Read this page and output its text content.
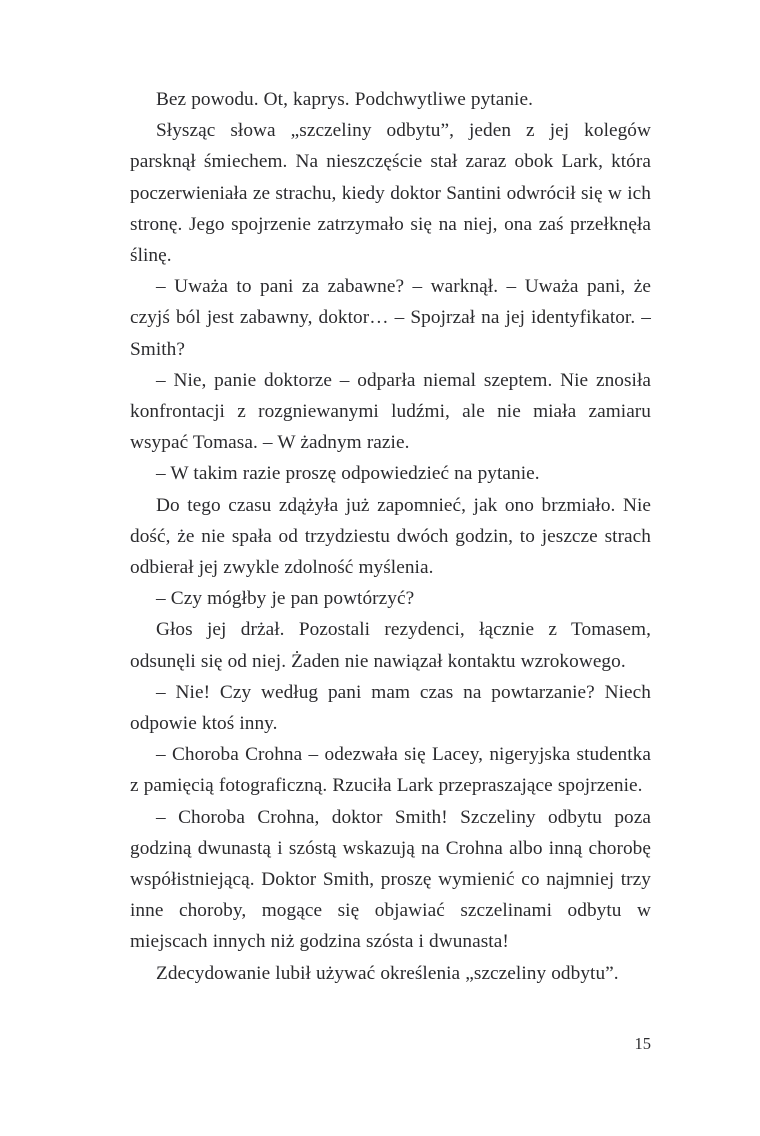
Bez powodu. Ot, kaprys. Podchwytliwe pytanie.

Słysząc słowa „szczeliny odbytu”, jeden z jej kolegów parsknął śmiechem. Na nieszczęście stał zaraz obok Lark, która poczerwieniała ze strachu, kiedy doktor Santini odwrócił się w ich stronę. Jego spojrzenie zatrzymało się na niej, ona zaś przełknęła ślinę.

– Uważa to pani za zabawne? – warknął. – Uważa pani, że czyjś ból jest zabawny, doktor… – Spojrzał na jej identyfikator. – Smith?

– Nie, panie doktorze – odparła niemal szeptem. Nie znosiła konfrontacji z rozgniewanymi ludźmi, ale nie miała zamiaru wsypać Tomasa. – W żadnym razie.

– W takim razie proszę odpowiedzieć na pytanie.

Do tego czasu zdążyła już zapomnieć, jak ono brzmiało. Nie dość, że nie spała od trzydziestu dwóch godzin, to jeszcze strach odbierał jej zwykle zdolność myślenia.

– Czy mógłby je pan powtórzyć?

Głos jej drżał. Pozostali rezydenci, łącznie z Tomasem, odsunęli się od niej. Żaden nie nawiązał kontaktu wzrokowego.

– Nie! Czy według pani mam czas na powtarzanie? Niech odpowie ktoś inny.

– Choroba Crohna – odezwała się Lacey, nigeryjska studentka z pamięcią fotograficzną. Rzuciła Lark przepraszające spojrzenie.

– Choroba Crohna, doktor Smith! Szczeliny odbytu poza godziną dwunastą i szóstą wskazują na Crohna albo inną chorobę współistniejącą. Doktor Smith, proszę wymienić co najmniej trzy inne choroby, mogące się objawiać szczelinami odbytu w miejscach innych niż godzina szósta i dwunasta!

Zdecydowanie lubił używać określenia „szczeliny odbytu”.

15
